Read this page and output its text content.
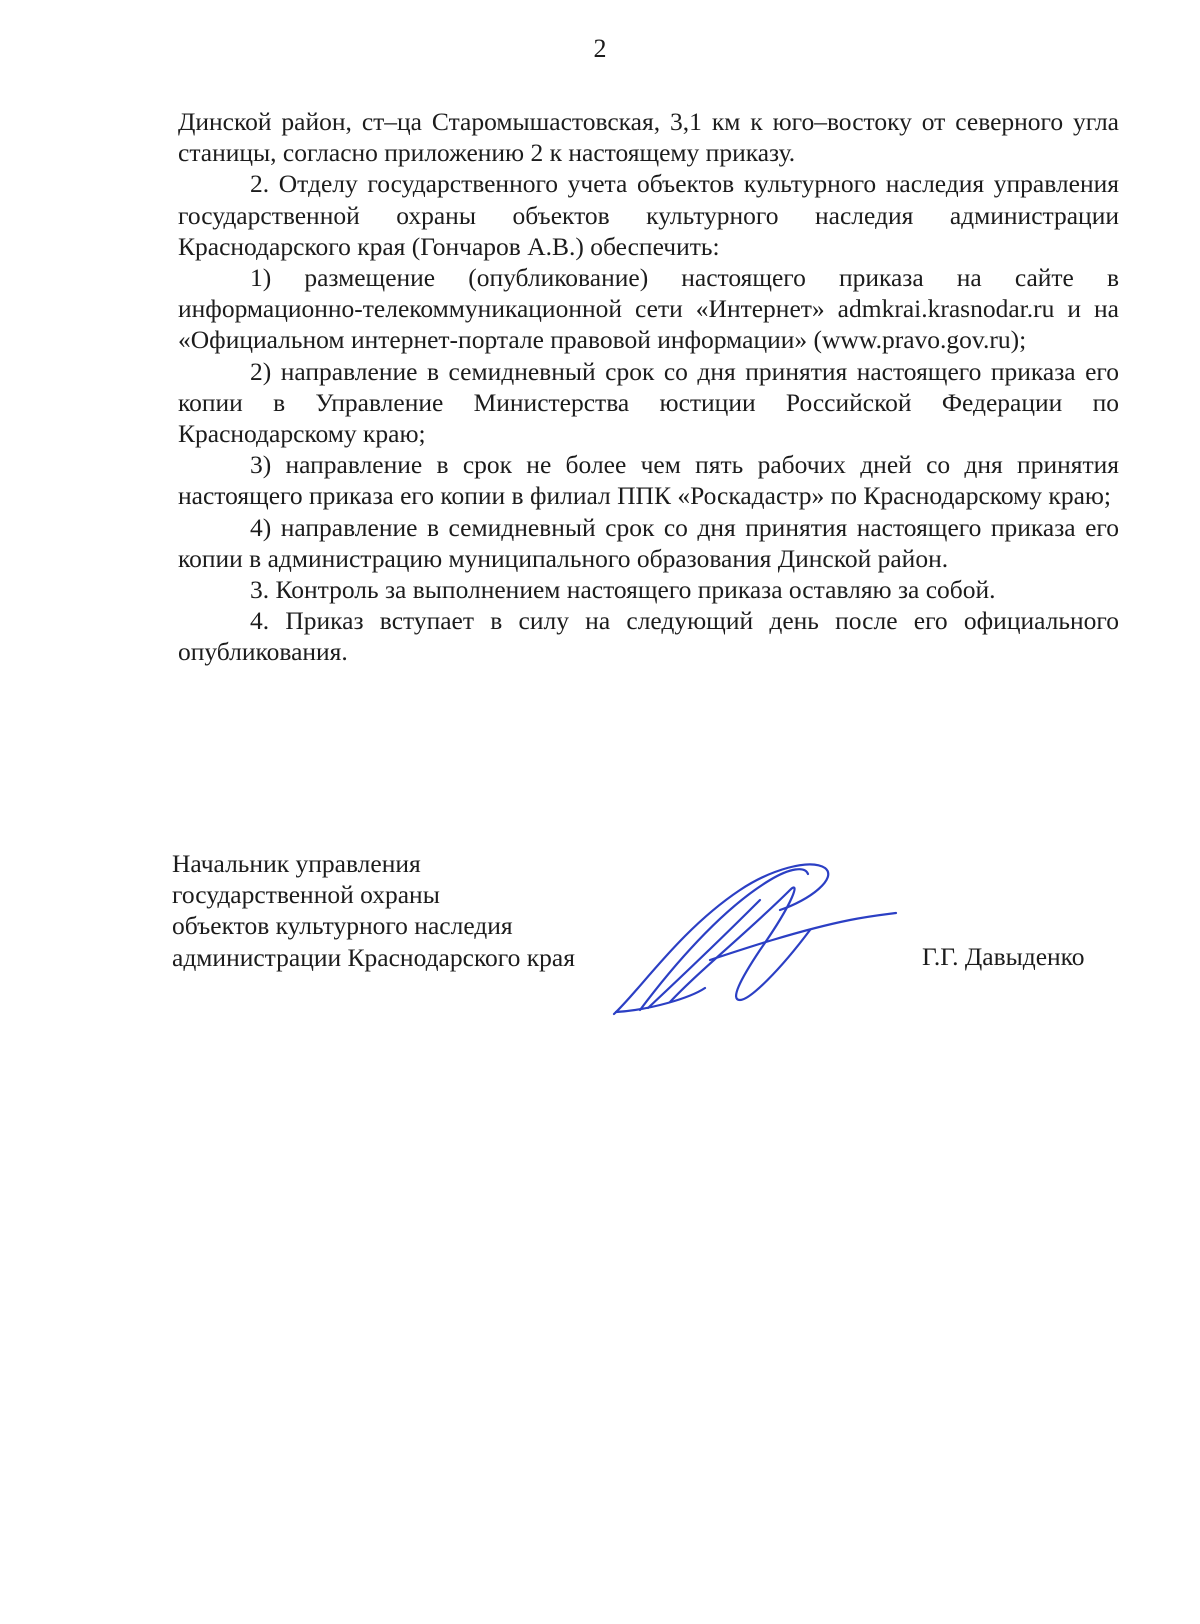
2

Динской район, ст–ца Старомышастовская, 3,1 км к юго–востоку от северного угла станицы, согласно приложению 2 к настоящему приказу.

2. Отделу государственного учета объектов культурного наследия управления государственной охраны объектов культурного наследия администрации Краснодарского края (Гончаров А.В.) обеспечить:

1) размещение (опубликование) настоящего приказа на сайте в информационно-телекоммуникационной сети «Интернет» admkrai.krasnodar.ru и на «Официальном интернет-портале правовой информации» (www.pravo.gov.ru);

2) направление в семидневный срок со дня принятия настоящего приказа его копии в Управление Министерства юстиции Российской Федерации по Краснодарскому краю;

3) направление в срок не более чем пять рабочих дней со дня принятия настоящего приказа его копии в филиал ППК «Роскадастр» по Краснодарскому краю;

4) направление в семидневный срок со дня принятия настоящего приказа его копии в администрацию муниципального образования Динской район.

3. Контроль за выполнением настоящего приказа оставляю за собой.

4. Приказ вступает в силу на следующий день после его официального опубликования.

Начальник управления
государственной охраны
объектов культурного наследия
администрации Краснодарского края	Г.Г. Давыденко
